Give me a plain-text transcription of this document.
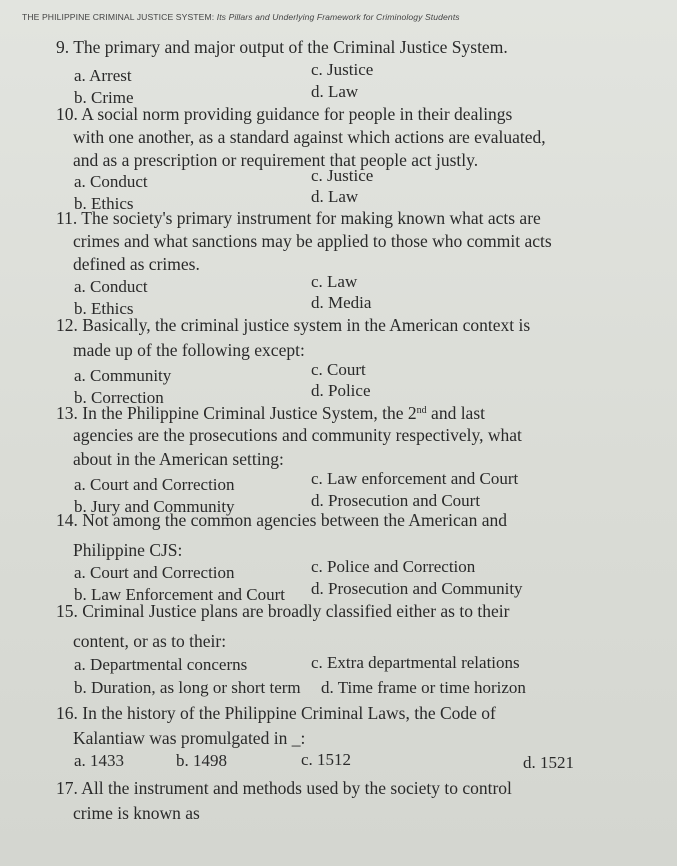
THE PHILIPPINE CRIMINAL JUSTICE SYSTEM: Its Pillars and Underlying Framework for Criminology Students
9. The primary and major output of the Criminal Justice System.
a. Arrest	c. Justice
b. Crime	d. Law
10. A social norm providing guidance for people in their dealings
with one another, as a standard against which actions are evaluated,
and as a prescription or requirement that people act justly.
a. Conduct	c. Justice
b. Ethics	d. Law
11. The society's primary instrument for making known what acts are
crimes and what sanctions may be applied to those who commit acts
defined as crimes.
a. Conduct	c. Law
b. Ethics	d. Media
12. Basically, the criminal justice system in the American context is
made up of the following except:
a. Community	c. Court
b. Correction	d. Police
13. In the Philippine Criminal Justice System, the 2nd and last
agencies are the prosecutions and community respectively, what
about in the American setting:
a. Court and Correction	c. Law enforcement and Court
b. Jury and Community	d. Prosecution and Court
14. Not among the common agencies between the American and
Philippine CJS:
a. Court and Correction	c. Police and Correction
b. Law Enforcement and Court d. Prosecution and Community
15. Criminal Justice plans are broadly classified either as to their
content, or as to their:
a. Departmental concerns	c. Extra departmental relations
b. Duration, as long or short term d. Time frame or time horizon
16. In the history of the Philippine Criminal Laws, the Code of
Kalantiaw was promulgated in _:
a. 1433	b. 1498	c. 1512	d. 1521
17. All the instrument and methods used by the society to control
crime is known as
